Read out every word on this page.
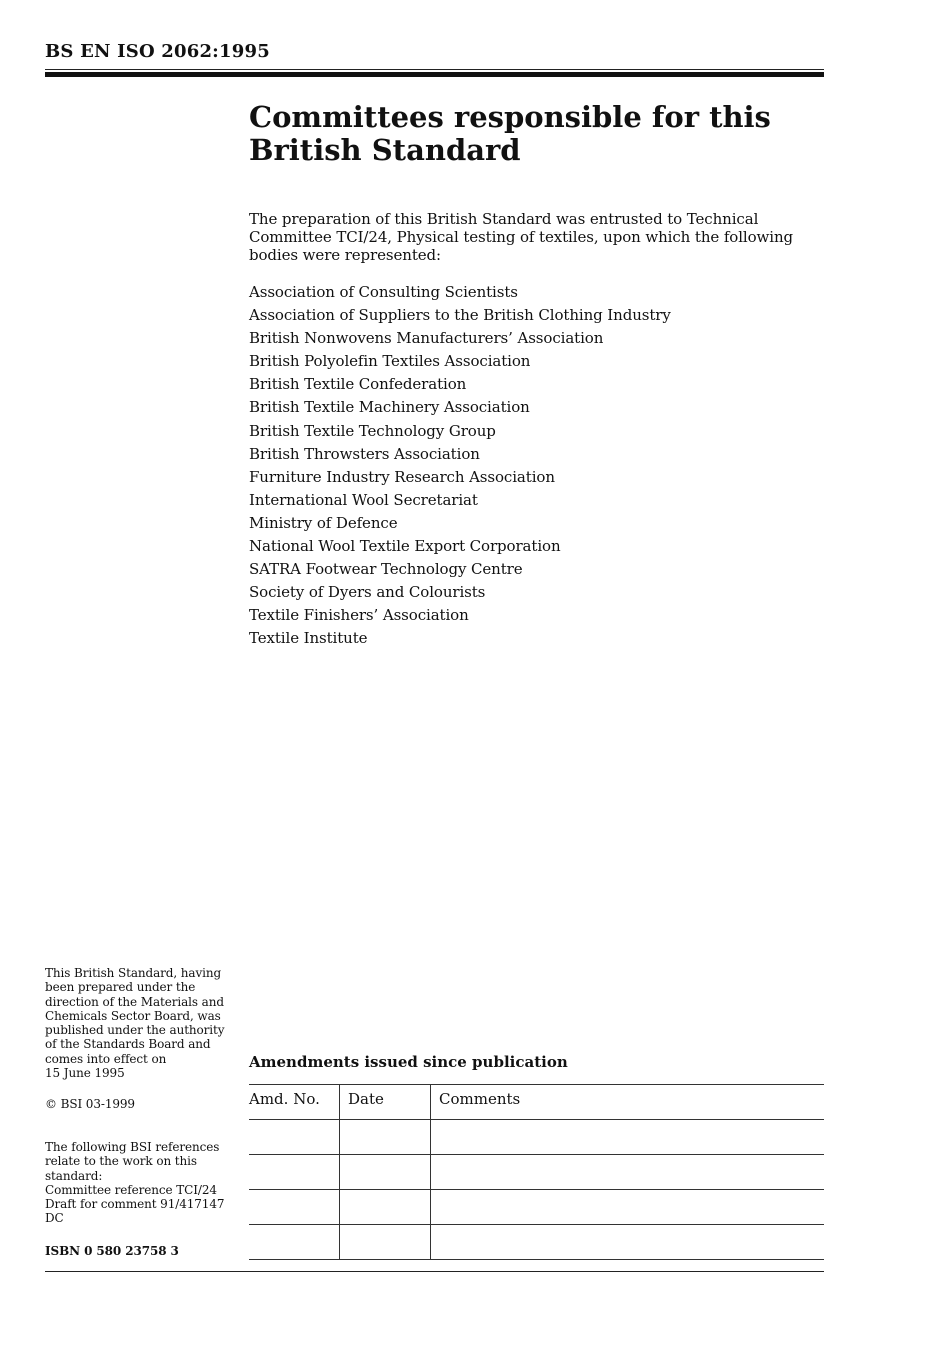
BS EN ISO 2062:1995
Committees responsible for this
British Standard

The preparation of this British Standard was entrusted to Technical Committee TCI/24, Physical testing of textiles, upon which the following bodies were represented:

Association of Consulting Scientists
Association of Suppliers to the British Clothing Industry
British Nonwovens Manufacturers’ Association
British Polyolefin Textiles Association
British Textile Confederation
British Textile Machinery Association
British Textile Technology Group
British Throwsters Association
Furniture Industry Research Association
International Wool Secretariat
Ministry of Defence
National Wool Textile Export Corporation
SATRA Footwear Technology Centre
Society of Dyers and Colourists
Textile Finishers’ Association
Textile Institute
This British Standard, having
been prepared under the
direction of the Materials and
Chemicals Sector Board, was
published under the authority
of the Standards Board and
comes into effect on
15 June 1995
© BSI 03-1999
The following BSI references
relate to the work on this
standard:
Committee reference TCI/24
Draft for comment 91/417147 DC
ISBN 0 580 23758 3
Amendments issued since publication
Amd. No.	Date	Comments
